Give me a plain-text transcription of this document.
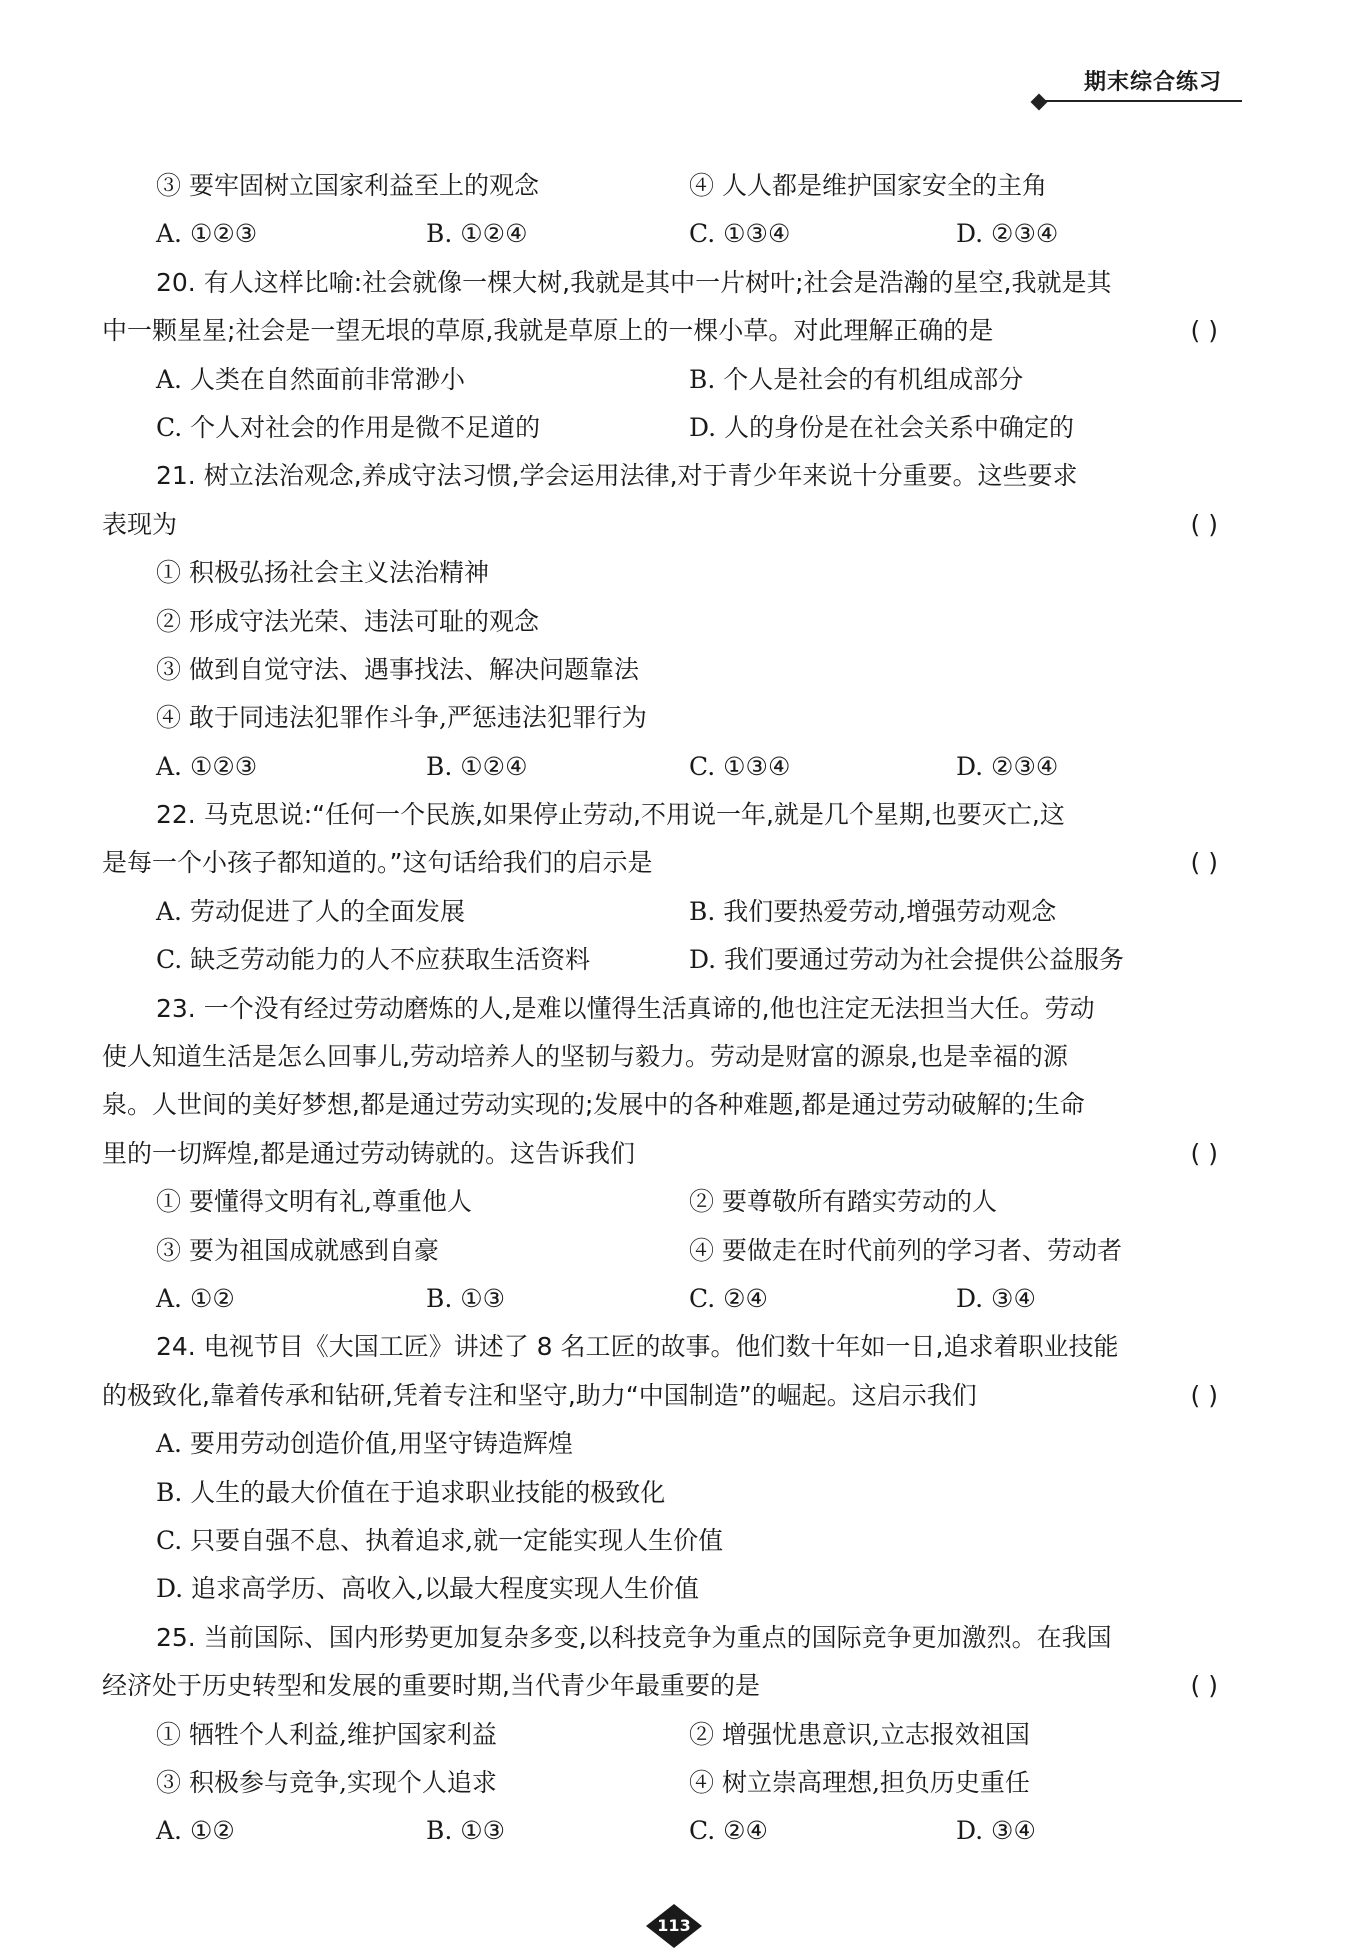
期末综合练习
③ 要牢固树立国家利益至上的观念	④ 人人都是维护国家安全的主角
A. ①②③	B. ①②④	C. ①③④	D. ②③④
20. 有人这样比喻:社会就像一棵大树,我就是其中一片树叶;社会是浩瀚的星空,我就是其
中一颗星星;社会是一望无垠的草原,我就是草原上的一棵小草。对此理解正确的是	( )
A. 人类在自然面前非常渺小	B. 个人是社会的有机组成部分
C. 个人对社会的作用是微不足道的	D. 人的身份是在社会关系中确定的
21. 树立法治观念,养成守法习惯,学会运用法律,对于青少年来说十分重要。这些要求
表现为	( )
① 积极弘扬社会主义法治精神
② 形成守法光荣、违法可耻的观念
③ 做到自觉守法、遇事找法、解决问题靠法
④ 敢于同违法犯罪作斗争,严惩违法犯罪行为
A. ①②③	B. ①②④	C. ①③④	D. ②③④
22. 马克思说:“任何一个民族,如果停止劳动,不用说一年,就是几个星期,也要灭亡,这
是每一个小孩子都知道的。”这句话给我们的启示是	( )
A. 劳动促进了人的全面发展	B. 我们要热爱劳动,增强劳动观念
C. 缺乏劳动能力的人不应获取生活资料	D. 我们要通过劳动为社会提供公益服务
23. 一个没有经过劳动磨炼的人,是难以懂得生活真谛的,他也注定无法担当大任。劳动
使人知道生活是怎么回事儿,劳动培养人的坚韧与毅力。劳动是财富的源泉,也是幸福的源
泉。人世间的美好梦想,都是通过劳动实现的;发展中的各种难题,都是通过劳动破解的;生命
里的一切辉煌,都是通过劳动铸就的。这告诉我们	( )
① 要懂得文明有礼,尊重他人	② 要尊敬所有踏实劳动的人
③ 要为祖国成就感到自豪	④ 要做走在时代前列的学习者、劳动者
A. ①②	B. ①③	C. ②④	D. ③④
24. 电视节目《大国工匠》讲述了 8 名工匠的故事。他们数十年如一日,追求着职业技能
的极致化,靠着传承和钻研,凭着专注和坚守,助力“中国制造”的崛起。这启示我们	( )
A. 要用劳动创造价值,用坚守铸造辉煌
B. 人生的最大价值在于追求职业技能的极致化
C. 只要自强不息、执着追求,就一定能实现人生价值
D. 追求高学历、高收入,以最大程度实现人生价值
25. 当前国际、国内形势更加复杂多变,以科技竞争为重点的国际竞争更加激烈。在我国
经济处于历史转型和发展的重要时期,当代青少年最重要的是	( )
① 牺牲个人利益,维护国家利益	② 增强忧患意识,立志报效祖国
③ 积极参与竞争,实现个人追求	④ 树立崇高理想,担负历史重任
A. ①②	B. ①③	C. ②④	D. ③④
113
